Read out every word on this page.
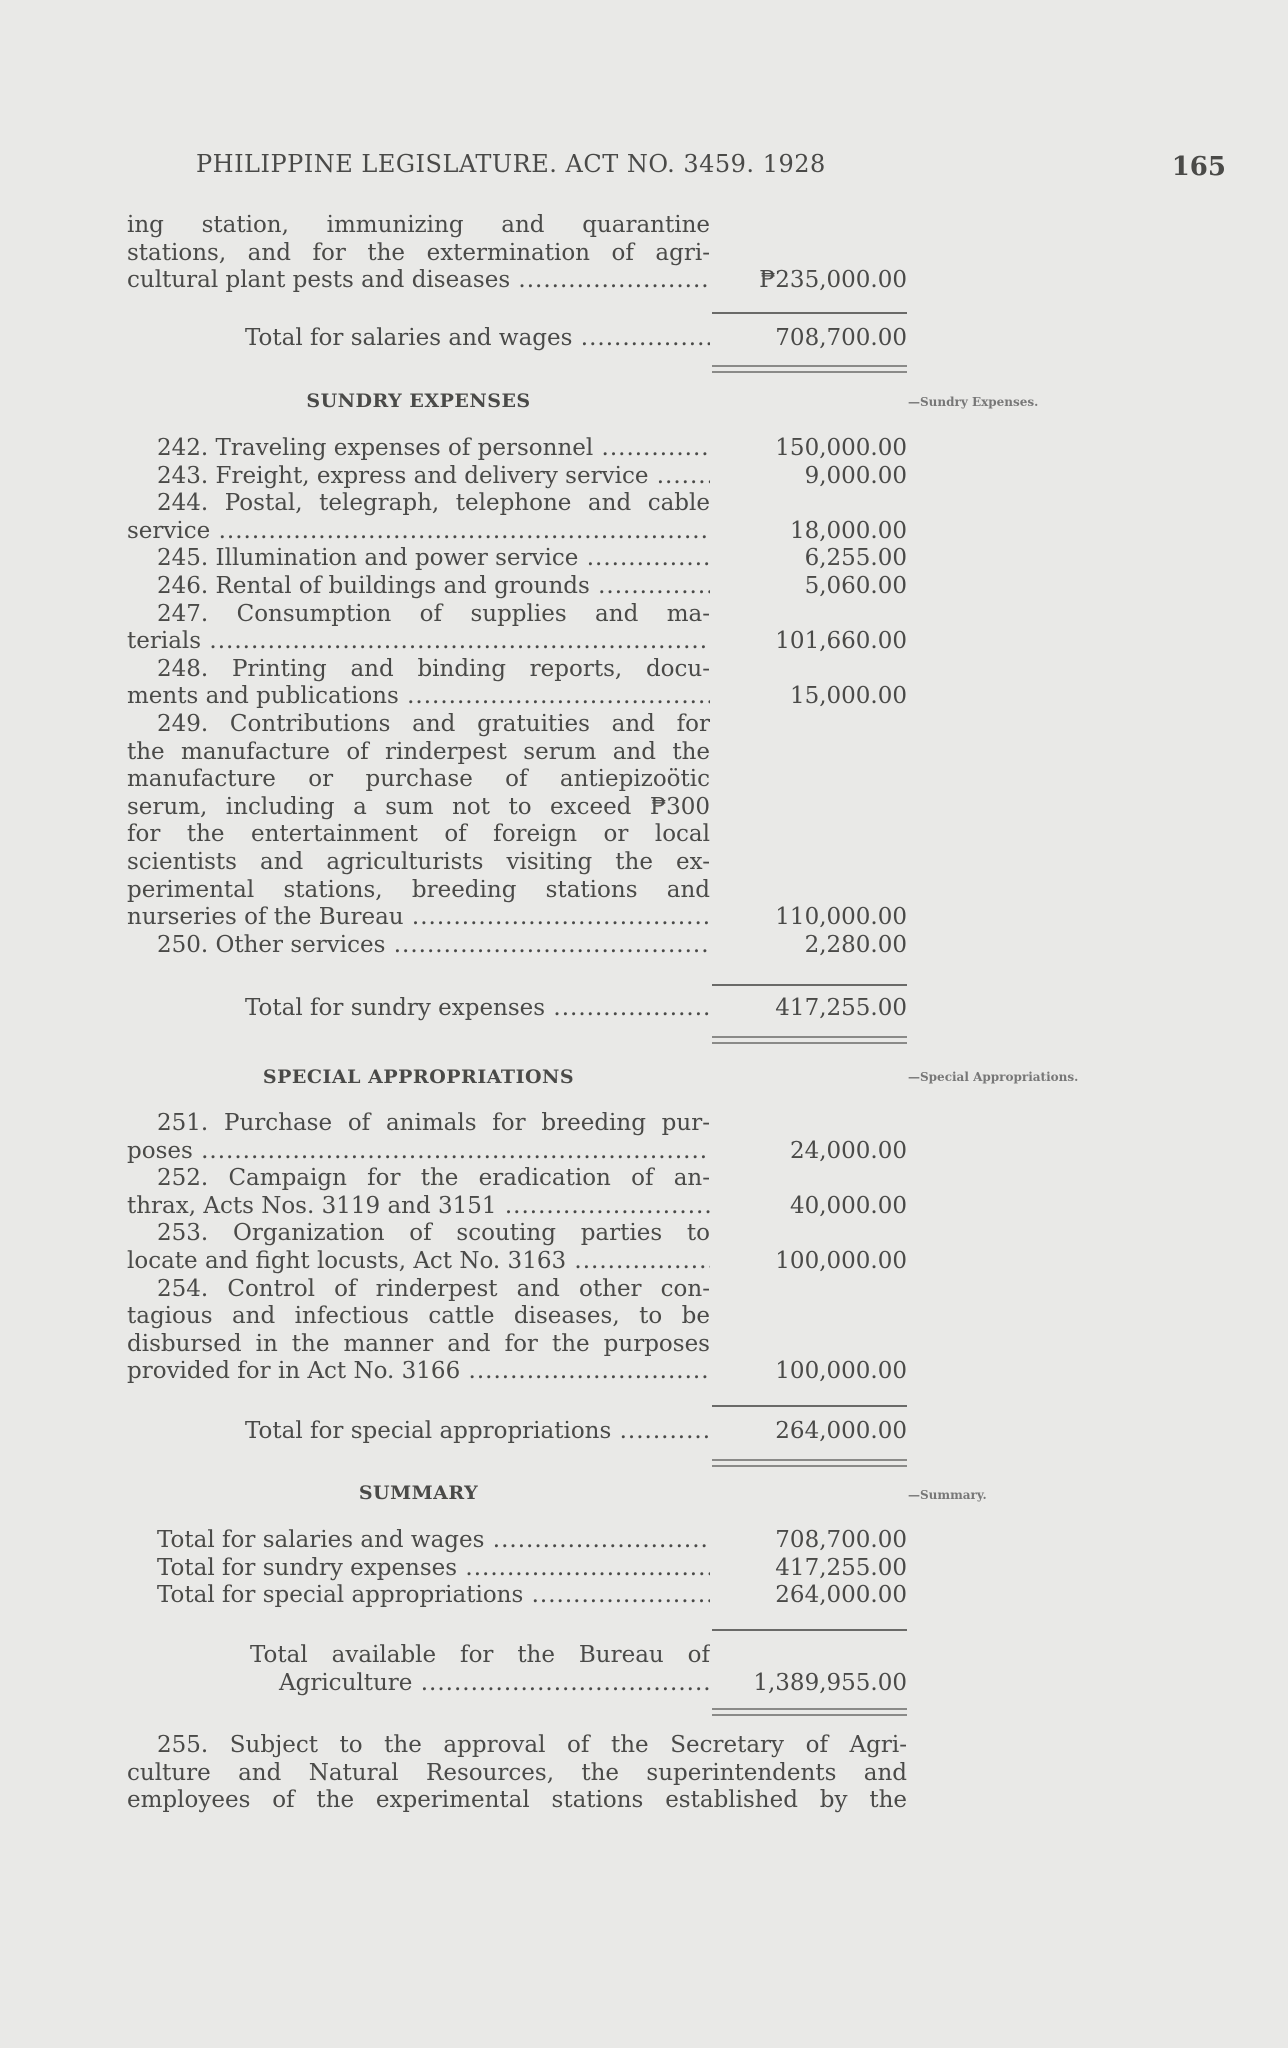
PHILIPPINE LEGISLATURE. ACT NO. 3459. 1928	165
ing station, immunizing and quarantine
stations, and for the extermination of agri-
cultural plant pests and diseases .....	₱235,000.00
Total for salaries and wages .....	708,700.00
SUNDRY EXPENSES	—Sundry Expenses.
242. Traveling expenses of personnel .....	150,000.00
243. Freight, express and delivery service .....	9,000.00
244. Postal, telegraph, telephone and cable
service .....	18,000.00
245. Illumination and power service .....	6,255.00
246. Rental of buildings and grounds .....	5,060.00
247. Consumption of supplies and ma-
terials .....	101,660.00
248. Printing and binding reports, docu-
ments and publications .....	15,000.00
249. Contributions and gratuities and for
the manufacture of rinderpest serum and the
manufacture or purchase of antiepizoötic
serum, including a sum not to exceed ₱300
for the entertainment of foreign or local
scientists and agriculturists visiting the ex-
perimental stations, breeding stations and
nurseries of the Bureau .....	110,000.00
250. Other services .....	2,280.00
Total for sundry expenses .....	417,255.00
SPECIAL APPROPRIATIONS	—Special Appropriations.
251. Purchase of animals for breeding pur-
poses .....	24,000.00
252. Campaign for the eradication of an-
thrax, Acts Nos. 3119 and 3151 .....	40,000.00
253. Organization of scouting parties to
locate and fight locusts, Act No. 3163 .....	100,000.00
254. Control of rinderpest and other con-
tagious and infectious cattle diseases, to be
disbursed in the manner and for the purposes
provided for in Act No. 3166 .....	100,000.00
Total for special appropriations .....	264,000.00
SUMMARY	—Summary.
Total for salaries and wages .....	708,700.00
Total for sundry expenses .....	417,255.00
Total for special appropriations .....	264,000.00
Total available for the Bureau of
Agriculture .....	1,389,955.00
255. Subject to the approval of the Secretary of Agri-
culture and Natural Resources, the superintendents and
employees of the experimental stations established by the
